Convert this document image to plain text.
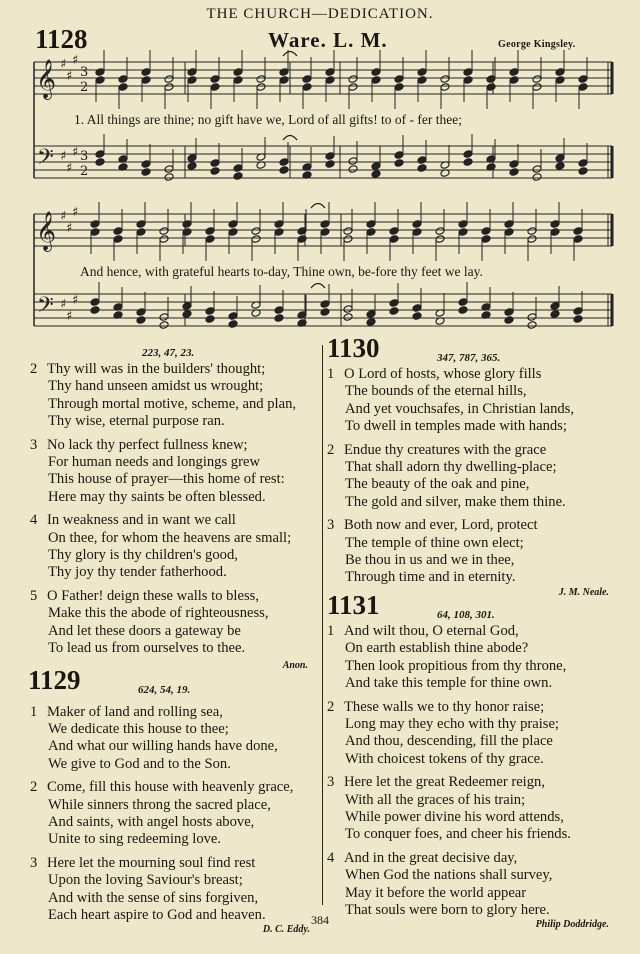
THE CHURCH—DEDICATION.
1128	Ware. L. M.	George Kingsley.
𝄞
𝄢
♯
♯
♯
♯
♯
♯
3
2
3
2
𝄞
𝄢
♯
♯
♯
♯
♯
♯
1. All things are thine; no gift have we, Lord of all gifts! to of - fer thee;
And hence, with grateful hearts to-day, Thine own, be-fore thy feet we lay.
223, 47, 23.
2 Thy will was in the builders' thought;
Thy hand unseen amidst us wrought;
Through mortal motive, scheme, and plan,
Thy wise, eternal purpose ran.
3 No lack thy perfect fullness knew;
For human needs and longings grew
This house of prayer—this home of rest:
Here may thy saints be often blessed.
4 In weakness and in want we call
On thee, for whom the heavens are small;
Thy glory is thy children's good,
Thy joy thy tender fatherhood.
5 O Father! deign these walls to bless,
Make this the abode of righteousness,
And let these doors a gateway be
To lead us from ourselves to thee.
Anon.
1129	624, 54, 19.
1 Maker of land and rolling sea,
We dedicate this house to thee;
And what our willing hands have done,
We give to God and to the Son.
2 Come, fill this house with heavenly grace,
While sinners throng the sacred place,
And saints, with angel hosts above,
Unite to sing redeeming love.
3 Here let the mourning soul find rest
Upon the loving Saviour's breast;
And with the sense of sins forgiven,
Each heart aspire to God and heaven.
D. C. Eddy.
1130	347, 787, 365.
1 O Lord of hosts, whose glory fills
The bounds of the eternal hills,
And yet vouchsafes, in Christian lands,
To dwell in temples made with hands;
2 Endue thy creatures with the grace
That shall adorn thy dwelling-place;
The beauty of the oak and pine,
The gold and silver, make them thine.
3 Both now and ever, Lord, protect
The temple of thine own elect;
Be thou in us and we in thee,
Through time and in eternity.
J. M. Neale.
1131	64, 108, 301.
1 And wilt thou, O eternal God,
On earth establish thine abode?
Then look propitious from thy throne,
And take this temple for thine own.
2 These walls we to thy honor raise;
Long may they echo with thy praise;
And thou, descending, fill the place
With choicest tokens of thy grace.
3 Here let the great Redeemer reign,
With all the graces of his train;
While power divine his word attends,
To conquer foes, and cheer his friends.
4 And in the great decisive day,
When God the nations shall survey,
May it before the world appear
That souls were born to glory here.
Philip Doddridge.
384
